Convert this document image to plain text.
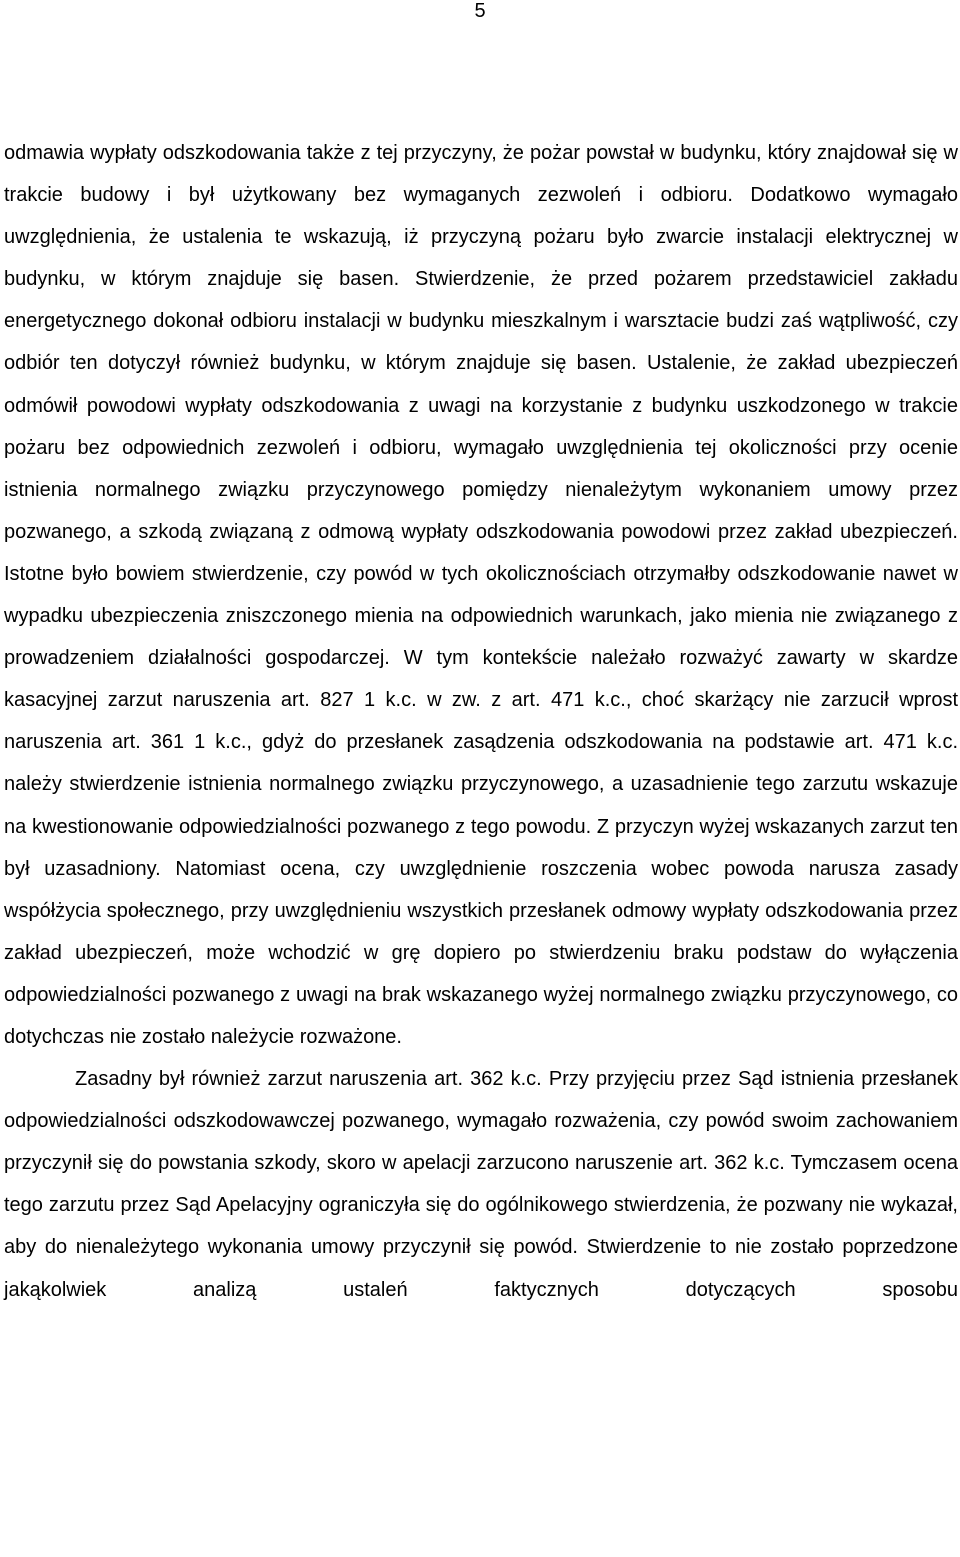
5

odmawia wypłaty odszkodowania także z tej przyczyny, że pożar powstał w budynku, który znajdował się w trakcie budowy i był użytkowany bez wymaganych zezwoleń i odbioru. Dodatkowo wymagało uwzględnienia, że ustalenia te wskazują, iż przyczyną pożaru było zwarcie instalacji elektrycznej w budynku, w którym znajduje się basen. Stwierdzenie, że przed pożarem przedstawiciel zakładu energetycznego dokonał odbioru instalacji w budynku mieszkalnym i warsztacie budzi zaś wątpliwość, czy odbiór ten dotyczył również budynku, w którym znajduje się basen. Ustalenie, że zakład ubezpieczeń odmówił powodowi wypłaty odszkodowania z uwagi na korzystanie z budynku uszkodzonego w trakcie pożaru bez odpowiednich zezwoleń i odbioru, wymagało uwzględnienia tej okoliczności przy ocenie istnienia normalnego związku przyczynowego pomiędzy nienależytym wykonaniem umowy przez pozwanego, a szkodą związaną z odmową wypłaty odszkodowania powodowi przez zakład ubezpieczeń. Istotne było bowiem stwierdzenie, czy powód w tych okolicznościach otrzymałby odszkodowanie nawet w wypadku ubezpieczenia zniszczonego mienia na odpowiednich warunkach, jako mienia nie związanego z prowadzeniem działalności gospodarczej. W tym kontekście należało rozważyć zawarty w skardze kasacyjnej zarzut naruszenia art. 827 1 k.c. w zw. z art. 471 k.c., choć skarżący nie zarzucił wprost naruszenia art. 361 1 k.c., gdyż do przesłanek zasądzenia odszkodowania na podstawie art. 471 k.c. należy stwierdzenie istnienia normalnego związku przyczynowego, a uzasadnienie tego zarzutu wskazuje na kwestionowanie odpowiedzialności pozwanego z tego powodu. Z przyczyn wyżej wskazanych zarzut ten był uzasadniony. Natomiast ocena, czy uwzględnienie roszczenia wobec powoda narusza zasady współżycia społecznego, przy uwzględnieniu wszystkich przesłanek odmowy wypłaty odszkodowania przez zakład ubezpieczeń, może wchodzić w grę dopiero po stwierdzeniu braku podstaw do wyłączenia odpowiedzialności pozwanego z uwagi na brak wskazanego wyżej normalnego związku przyczynowego, co dotychczas nie zostało należycie rozważone.

Zasadny był również zarzut naruszenia art. 362 k.c. Przy przyjęciu przez Sąd istnienia przesłanek odpowiedzialności odszkodowawczej pozwanego, wymagało rozważenia, czy powód swoim zachowaniem przyczynił się do powstania szkody, skoro w apelacji zarzucono naruszenie art. 362 k.c. Tymczasem ocena tego zarzutu przez Sąd Apelacyjny ograniczyła się do ogólnikowego stwierdzenia, że pozwany nie wykazał, aby do nienależytego wykonania umowy przyczynił się powód. Stwierdzenie to nie zostało poprzedzone jakąkolwiek analizą ustaleń faktycznych dotyczących sposobu
